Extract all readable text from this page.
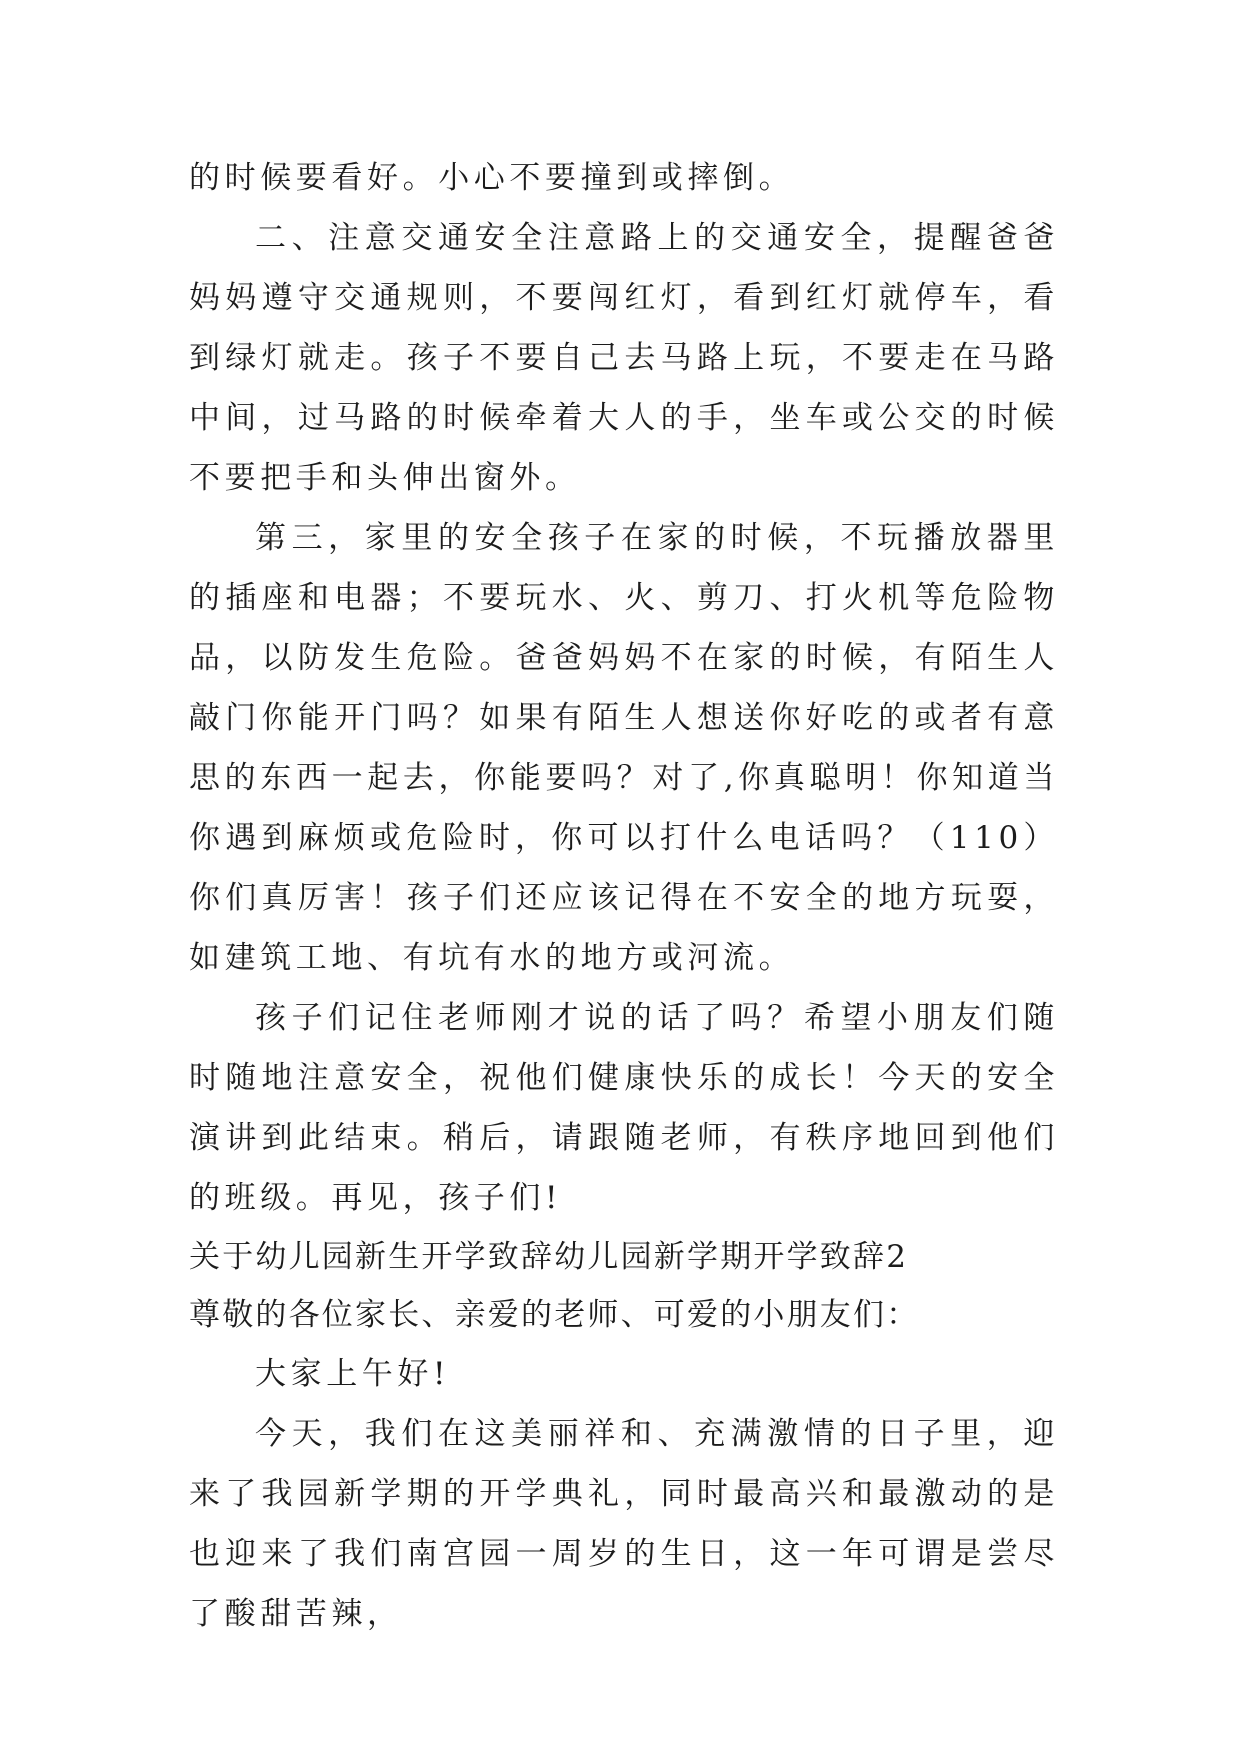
的时候要看好。小心不要撞到或摔倒。

二、注意交通安全注意路上的交通安全，提醒爸爸妈妈遵守交通规则，不要闯红灯，看到红灯就停车，看到绿灯就走。孩子不要自己去马路上玩，不要走在马路中间，过马路的时候牵着大人的手，坐车或公交的时候不要把手和头伸出窗外。

第三，家里的安全孩子在家的时候，不玩播放器里的插座和电器；不要玩水、火、剪刀、打火机等危险物品，以防发生危险。爸爸妈妈不在家的时候，有陌生人敲门你能开门吗？如果有陌生人想送你好吃的或者有意思的东西一起去，你能要吗？对了,你真聪明！你知道当你遇到麻烦或危险时，你可以打什么电话吗？（110）你们真厉害！孩子们还应该记得在不安全的地方玩耍，如建筑工地、有坑有水的地方或河流。

孩子们记住老师刚才说的话了吗？希望小朋友们随时随地注意安全，祝他们健康快乐的成长！今天的安全演讲到此结束。稍后，请跟随老师，有秩序地回到他们的班级。再见，孩子们!

关于幼儿园新生开学致辞幼儿园新学期开学致辞2

尊敬的各位家长、亲爱的老师、可爱的小朋友们：

大家上午好!

今天，我们在这美丽祥和、充满激情的日子里，迎来了我园新学期的开学典礼，同时最高兴和最激动的是也迎来了我们南宫园一周岁的生日，这一年可谓是尝尽了酸甜苦辣，
